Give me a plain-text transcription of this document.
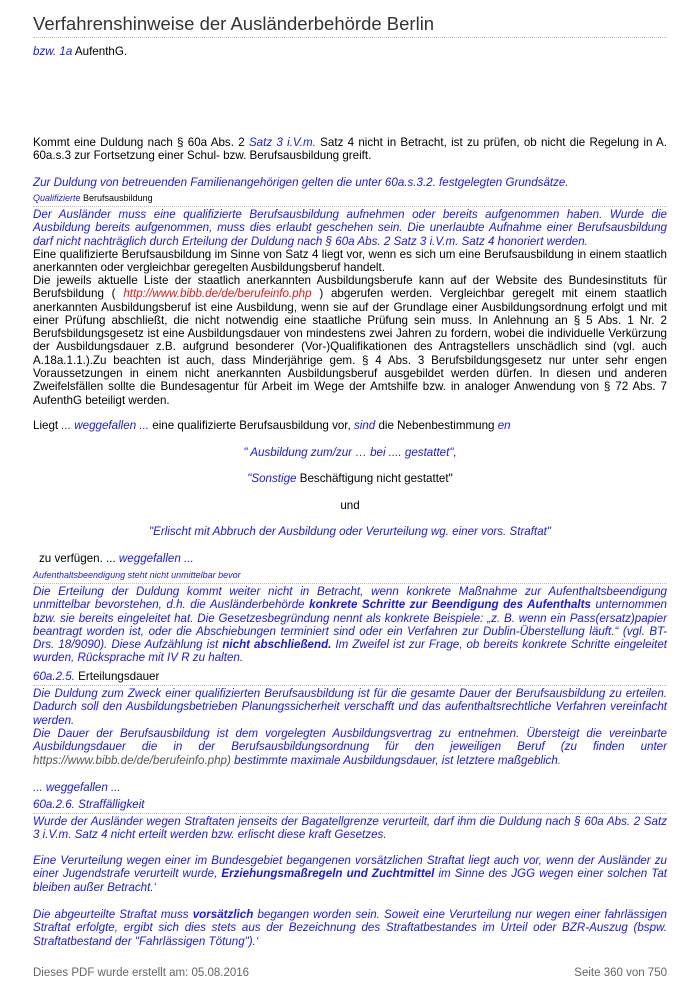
Verfahrenshinweise der Ausländerbehörde Berlin
bzw. 1a AufenthG.
Kommt eine Duldung nach § 60a Abs. 2 Satz 3 i.V.m. Satz 4 nicht in Betracht, ist zu prüfen, ob nicht die Regelung in A. 60a.s.3 zur Fortsetzung einer Schul- bzw. Berufsausbildung greift.
Zur Duldung von betreuenden Familienangehörigen gelten die unter 60a.s.3.2. festgelegten Grundsätze.
Qualifizierte Berufsausbildung
Der Ausländer muss eine qualifizierte Berufsausbildung aufnehmen oder bereits aufgenommen haben. Wurde die Ausbildung bereits aufgenommen, muss dies erlaubt geschehen sein. Die unerlaubte Aufnahme einer Berufsausbildung darf nicht nachträglich durch Erteilung der Duldung nach § 60a Abs. 2 Satz 3 i.V.m. Satz 4 honoriert werden.
Eine qualifizierte Berufsausbildung im Sinne von Satz 4 liegt vor, wenn es sich um eine Berufsausbildung in einem staatlich anerkannten oder vergleichbar geregelten Ausbildungsberuf handelt.
Die jeweils aktuelle Liste der staatlich anerkannten Ausbildungsberufe kann auf der Website des Bundesinstituts für Berufsbildung ( http://www.bibb.de/de/berufeinfo.php ) abgerufen werden. Vergleichbar geregelt mit einem staatlich anerkannten Ausbildungsberuf ist eine Ausbildung, wenn sie auf der Grundlage einer Ausbildungsordnung erfolgt und mit einer Prüfung abschließt, die nicht notwendig eine staatliche Prüfung sein muss. In Anlehnung an § 5 Abs. 1 Nr. 2 Berufsbildungsgesetz ist eine Ausbildungsdauer von mindestens zwei Jahren zu fordern, wobei die individuelle Verkürzung der Ausbildungsdauer z.B. aufgrund besonderer (Vor-)Qualifikationen des Antragstellers unschädlich sind (vgl. auch A.18a.1.1.).Zu beachten ist auch, dass Minderjährige gem. § 4 Abs. 3 Berufsbildungsgesetz nur unter sehr engen Voraussetzungen in einem nicht anerkannten Ausbildungsberuf ausgebildet werden dürfen. In diesen und anderen Zweifelsfällen sollte die Bundesagentur für Arbeit im Wege der Amtshilfe bzw. in analoger Anwendung von § 72 Abs. 7 AufenthG beteiligt werden.
Liegt ... weggefallen ... eine qualifizierte Berufsausbildung vor, sind die Nebenbestimmung en
" Ausbildung zum/zur … bei .... gestattet",
"Sonstige Beschäftigung nicht gestattet"
und
"Erlischt mit Abbruch der Ausbildung oder Verurteilung wg. einer vors. Straftat"
zu verfügen. ... weggefallen ...
Aufenthaltsbeendigung steht nicht unmittelbar bevor
Die Erteilung der Duldung kommt weiter nicht in Betracht, wenn konkrete Maßnahme zur Aufenthaltsbeendigung unmittelbar bevorstehen, d.h. die Ausländerbehörde konkrete Schritte zur Beendigung des Aufenthalts unternommen bzw. sie bereits eingeleitet hat. Die Gesetzesbegründung nennt als konkrete Beispiele: „z. B. wenn ein Pass(ersatz)papier beantragt worden ist, oder die Abschiebungen terminiert sind oder ein Verfahren zur Dublin-Überstellung läuft.“ (vgl. BT-Drs. 18/9090). Diese Aufzählung ist nicht abschließend. Im Zweifel ist zur Frage, ob bereits konkrete Schritte eingeleitet wurden, Rücksprache mit IV R zu halten.
60a.2.5. Erteilungsdauer
Die Duldung zum Zweck einer qualifizierten Berufsausbildung ist für die gesamte Dauer der Berufsausbildung zu erteilen. Dadurch soll den Ausbildungsbetrieben Planungssicherheit verschafft und das aufenthaltsrechtliche Verfahren vereinfacht werden.
Die Dauer der Berufsausbildung ist dem vorgelegten Ausbildungsvertrag zu entnehmen. Übersteigt die vereinbarte Ausbildungsdauer die in der Berufsausbildungsordnung für den jeweiligen Beruf (zu finden unter https://www.bibb.de/de/berufeinfo.php) bestimmte maximale Ausbildungsdauer, ist letztere maßgeblich.
... weggefallen ...
60a.2.6. Straffälligkeit
Wurde der Ausländer wegen Straftaten jenseits der Bagatellgrenze verurteilt, darf ihm die Duldung nach § 60a Abs. 2 Satz 3 i.V.m. Satz 4 nicht erteilt werden bzw. erlischt diese kraft Gesetzes.
Eine Verurteilung wegen einer im Bundesgebiet begangenen vorsätzlichen Straftat liegt auch vor, wenn der Ausländer zu einer Jugendstrafe verurteilt wurde, Erziehungsmaßregeln und Zuchtmittel im Sinne des JGG wegen einer solchen Tat bleiben außer Betracht.‘
Die abgeurteilte Straftat muss vorsätzlich begangen worden sein. Soweit eine Verurteilung nur wegen einer fahrlässigen Straftat erfolgte, ergibt sich dies stets aus der Bezeichnung des Straftatbestandes im Urteil oder BZR-Auszug (bspw. Straftatbestand der "Fahrlässigen Tötung").‘
Dieses PDF wurde erstellt am: 05.08.2016	Seite 360 von 750
